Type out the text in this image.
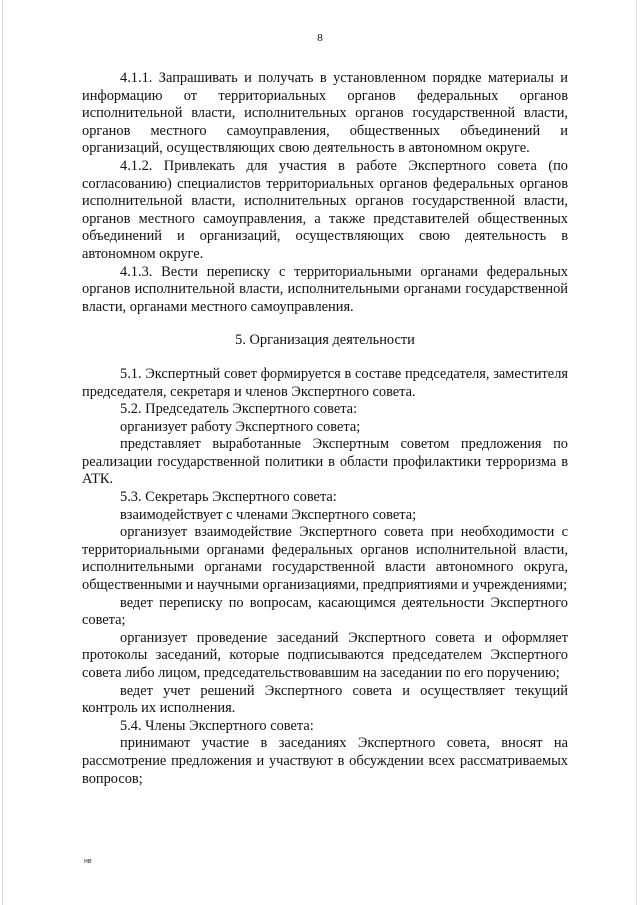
8

4.1.1. Запрашивать и получать в установленном порядке материалы и информацию от территориальных органов федеральных органов исполнительной власти, исполнительных органов государственной власти, органов местного самоуправления, общественных объединений и организаций, осуществляющих свою деятельность в автономном округе.

4.1.2. Привлекать для участия в работе Экспертного совета (по согласованию) специалистов территориальных органов федеральных органов исполнительной власти, исполнительных органов государственной власти, органов местного самоуправления, а также представителей общественных объединений и организаций, осуществляющих свою деятельность в автономном округе.

4.1.3. Вести переписку с территориальными органами федеральных органов исполнительной власти, исполнительными органами государственной власти, органами местного самоуправления.

5. Организация деятельности

5.1. Экспертный совет формируется в составе председателя, заместителя председателя, секретаря и членов Экспертного совета.

5.2. Председатель Экспертного совета:

организует работу Экспертного совета;

представляет выработанные Экспертным советом предложения по реализации государственной политики в области профилактики терроризма в АТК.

5.3. Секретарь Экспертного совета:

взаимодействует с членами Экспертного совета;

организует взаимодействие Экспертного совета при необходимости с территориальными органами федеральных органов исполнительной власти, исполнительными органами государственной власти автономного округа, общественными и научными организациями, предприятиями и учреждениями;

ведет переписку по вопросам, касающимся деятельности Экспертного совета;

организует проведение заседаний Экспертного совета и оформляет протоколы заседаний, которые подписываются председателем Экспертного совета либо лицом, председательствовавшим на заседании по его поручению;

ведет учет решений Экспертного совета и осуществляет текущий контроль их исполнения.

5.4. Члены Экспертного совета:

принимают участие в заседаниях Экспертного совета, вносят на рассмотрение предложения и участвуют в обсуждении всех рассматриваемых вопросов;

нв
